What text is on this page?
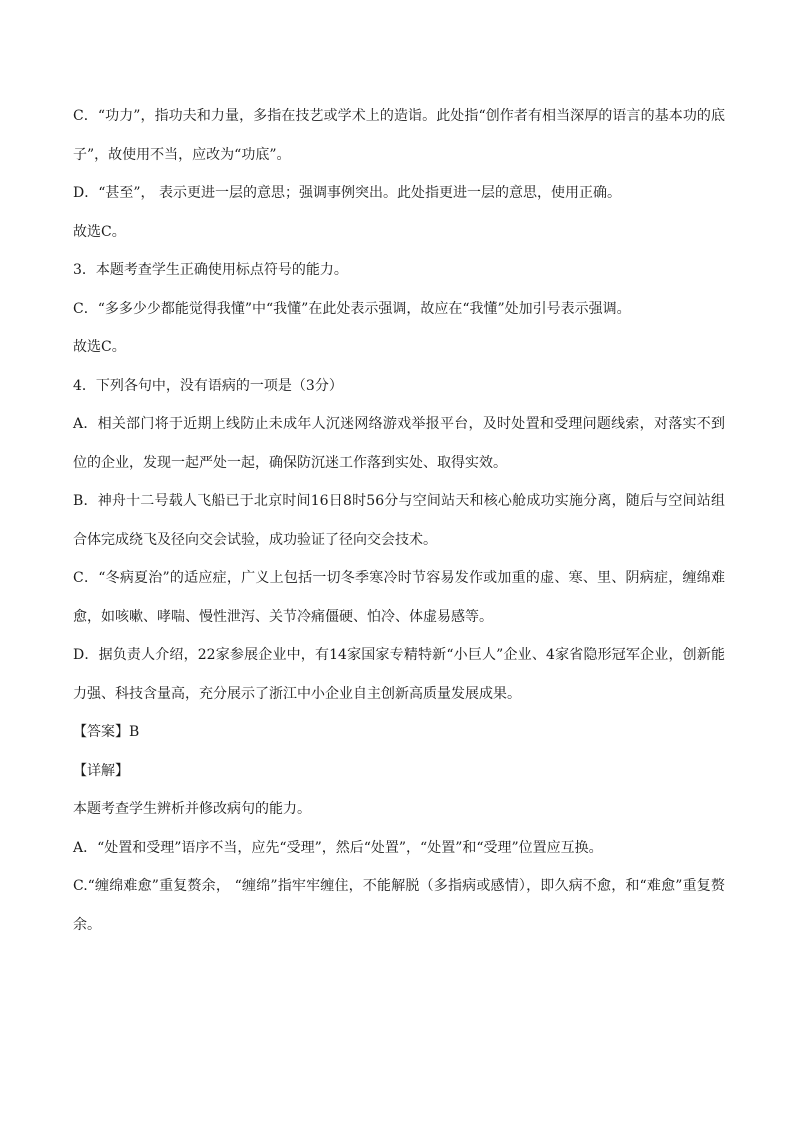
C．“功力”，指功夫和力量，多指在技艺或学术上的造诣。此处指“创作者有相当深厚的语言的基本功的底子”，故使用不当，应改为“功底”。

D．“甚至”， 表示更进一层的意思；强调事例突出。此处指更进一层的意思，使用正确。

故选C。

3．本题考查学生正确使用标点符号的能力。

C．“多多少少都能觉得我懂”中“我懂”在此处表示强调，故应在“我懂”处加引号表示强调。

故选C。

4．下列各句中，没有语病的一项是（3分）

A．相关部门将于近期上线防止未成年人沉迷网络游戏举报平台，及时处置和受理问题线索，对落实不到位的企业，发现一起严处一起，确保防沉迷工作落到实处、取得实效。

B．神舟十二号载人飞船已于北京时间16日8时56分与空间站天和核心舱成功实施分离，随后与空间站组合体完成绕飞及径向交会试验，成功验证了径向交会技术。

C．“冬病夏治”的适应症，广义上包括一切冬季寒冷时节容易发作或加重的虚、寒、里、阴病症，缠绵难愈，如咳嗽、哮喘、慢性泄泻、关节冷痛僵硬、怕冷、体虚易感等。

D．据负责人介绍，22家参展企业中，有14家国家专精特新“小巨人”企业、4家省隐形冠军企业，创新能力强、科技含量高，充分展示了浙江中小企业自主创新高质量发展成果。

【答案】B

【详解】

本题考查学生辨析并修改病句的能力。

A．“处置和受理”语序不当，应先“受理”，然后“处置”，“处置”和“受理”位置应互换。

C.“缠绵难愈”重复赘余， “缠绵”指牢牢缠住，不能解脱（多指病或感情），即久病不愈，和“难愈”重复赘余。
